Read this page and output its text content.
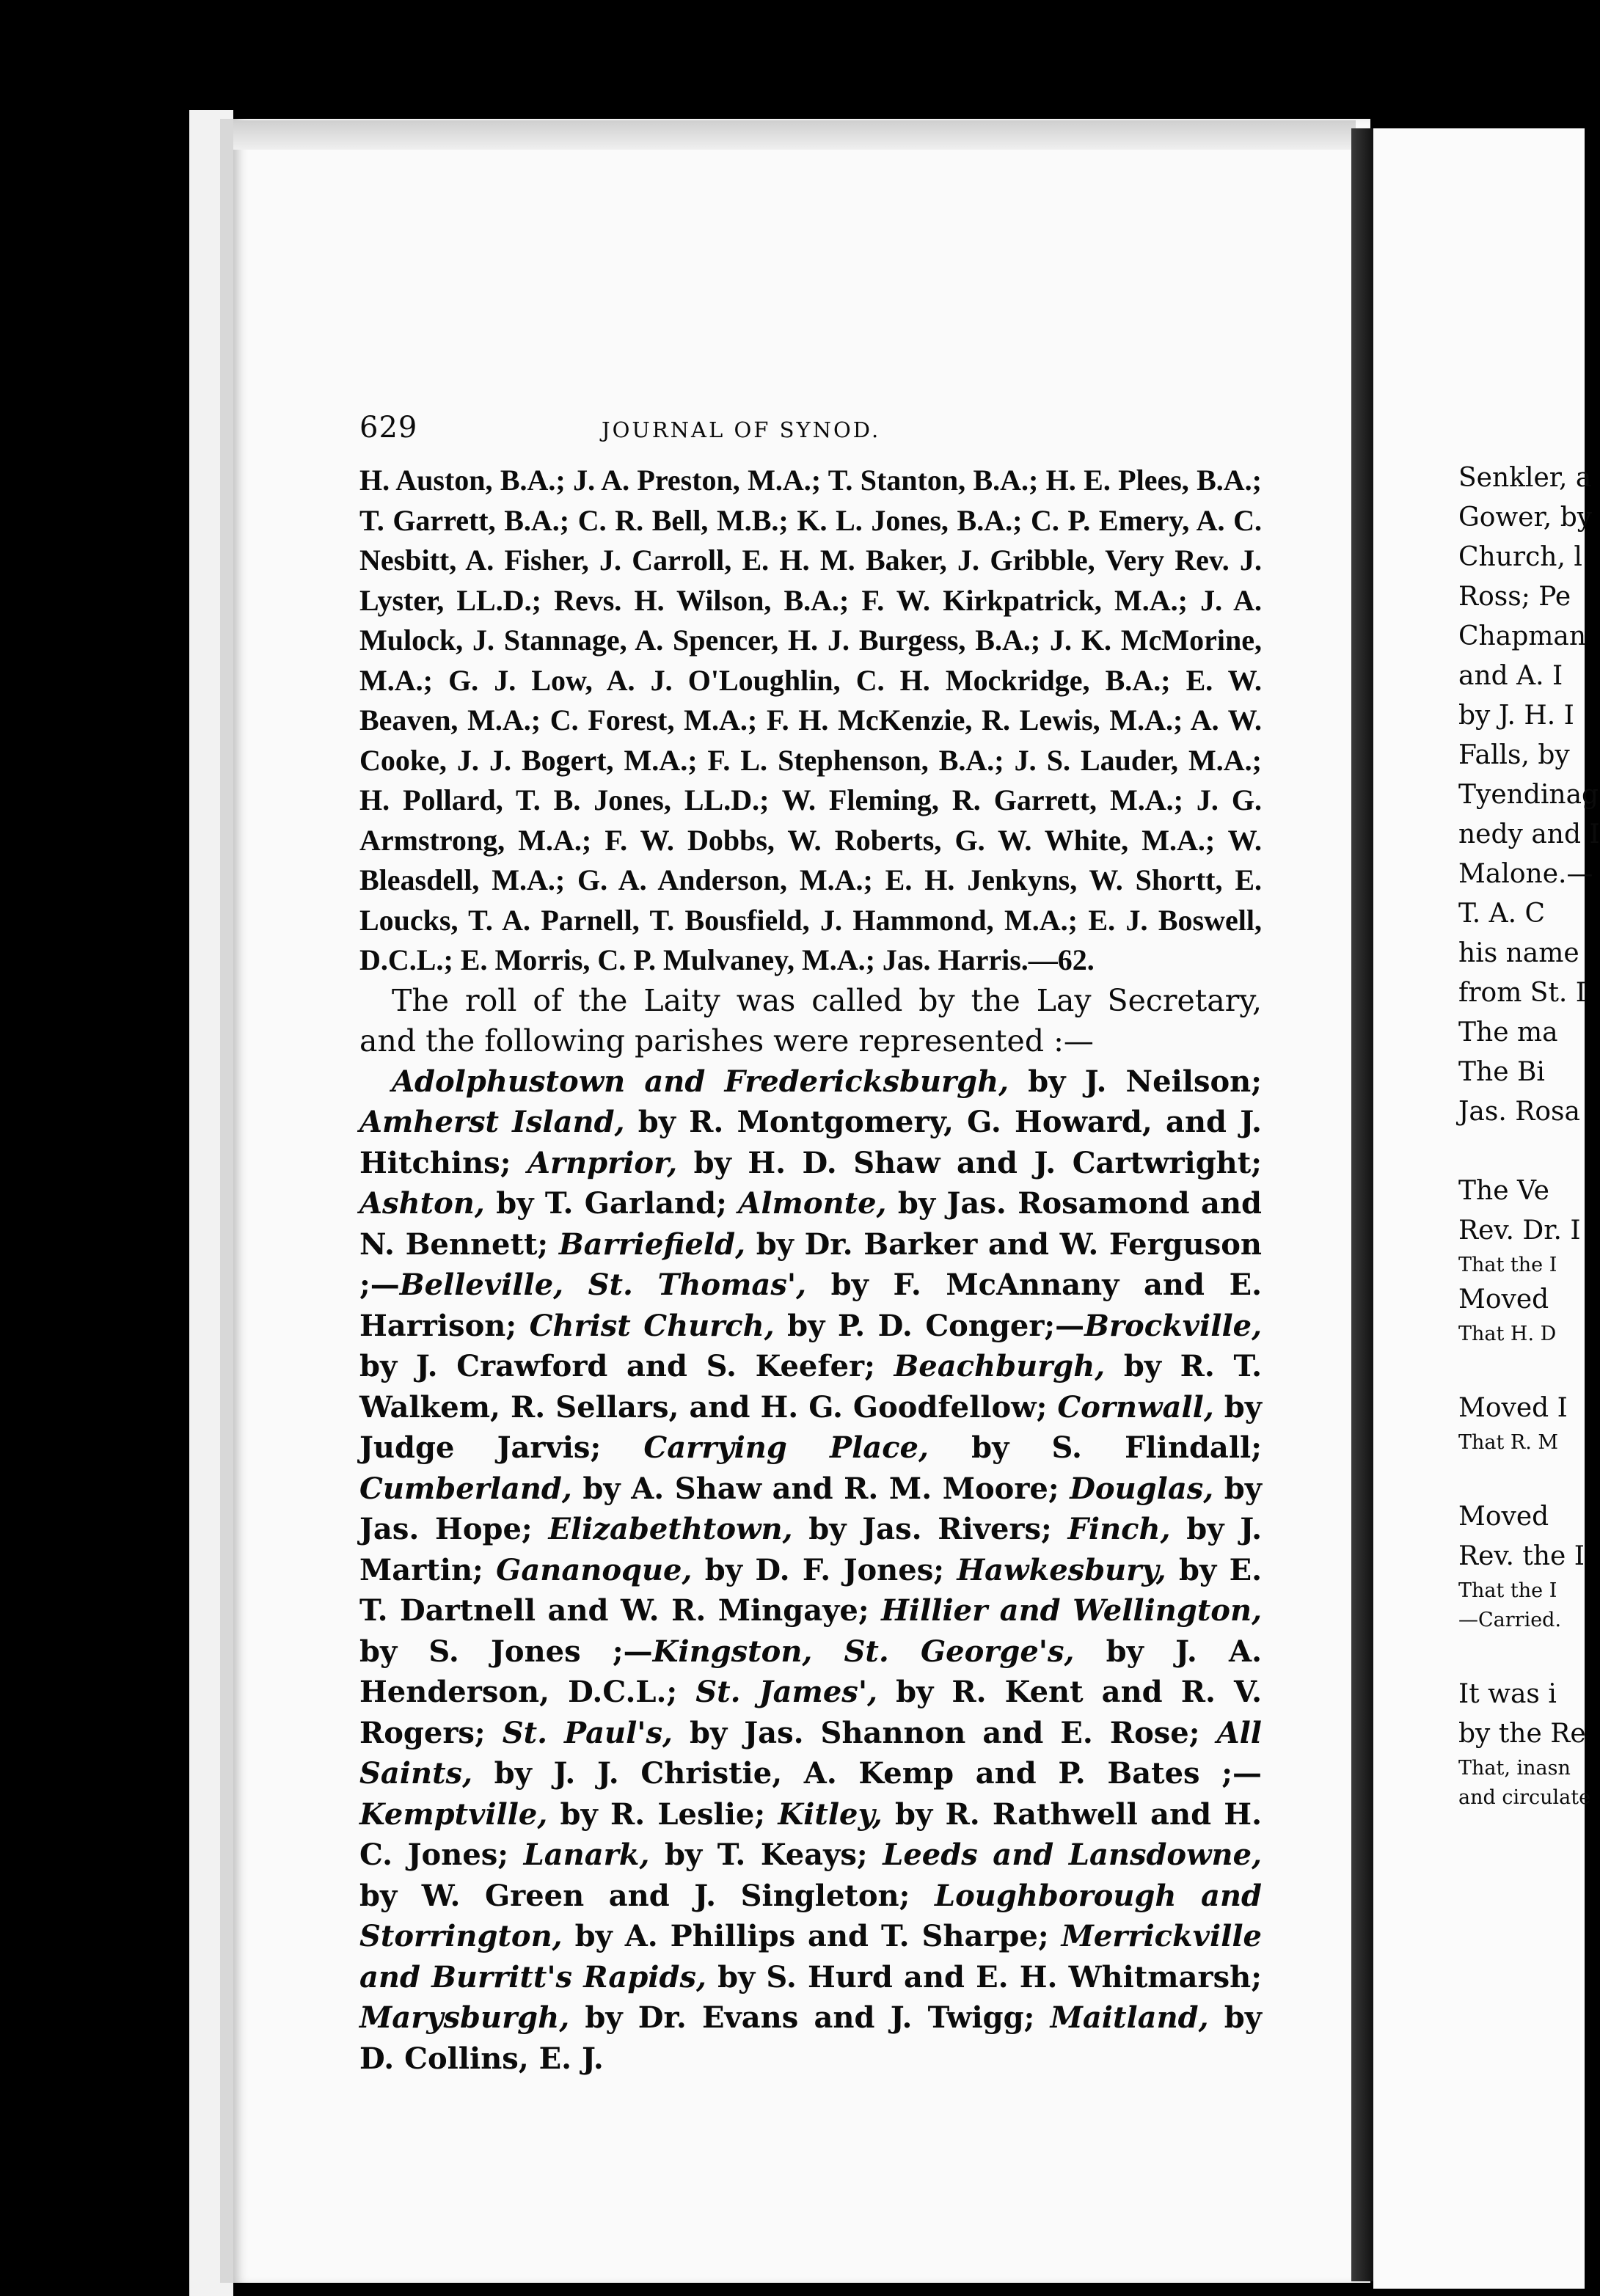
629	JOURNAL OF SYNOD.

H. Auston, B.A.; J. A. Preston, M.A.; T. Stanton, B.A.; H. E. Plees, B.A.; T. Garrett, B.A.; C. R. Bell, M.B.; K. L. Jones, B.A.; C. P. Emery, A. C. Nesbitt, A. Fisher, J. Carroll, E. H. M. Baker, J. Gribble, Very Rev. J. Lyster, LL.D.; Revs. H. Wilson, B.A.; F. W. Kirkpatrick, M.A.; J. A. Mulock, J. Stannage, A. Spencer, H. J. Burgess, B.A.; J. K. McMorine, M.A.; G. J. Low, A. J. O'Loughlin, C. H. Mockridge, B.A.; E. W. Beaven, M.A.; C. Forest, M.A.; F. H. McKenzie, R. Lewis, M.A.; A. W. Cooke, J. J. Bogert, M.A.; F. L. Stephenson, B.A.; J. S. Lauder, M.A.; H. Pollard, T. B. Jones, LL.D.; W. Fleming, R. Garrett, M.A.; J. G. Armstrong, M.A.; F. W. Dobbs, W. Roberts, G. W. White, M.A.; W. Bleasdell, M.A.; G. A. Anderson, M.A.; E. H. Jenkyns, W. Shortt, E. Loucks, T. A. Parnell, T. Bousfield, J. Hammond, M.A.; E. J. Boswell, D.C.L.; E. Morris, C. P. Mulvaney, M.A.; Jas. Harris.—62.

The roll of the Laity was called by the Lay Secretary, and the following parishes were represented :—

Adolphustown and Fredericksburgh, by J. Neilson; Amherst Island, by R. Montgomery, G. Howard, and J. Hitchins; Arnprior, by H. D. Shaw and J. Cartwright; Ashton, by T. Garland; Almonte, by Jas. Rosamond and N. Bennett; Barriefield, by Dr. Barker and W. Ferguson ;—Belleville, St. Thomas', by F. McAnnany and E. Harrison; Christ Church, by P. D. Conger;—Brockville, by J. Crawford and S. Keefer; Beachburgh, by R. T. Walkem, R. Sellars, and H. G. Goodfellow; Cornwall, by Judge Jarvis; Carrying Place, by S. Flindall; Cumberland, by A. Shaw and R. M. Moore; Douglas, by Jas. Hope; Elizabethtown, by Jas. Rivers; Finch, by J. Martin; Gananoque, by D. F. Jones; Hawkesbury, by E. T. Dartnell and W. R. Mingaye; Hillier and Wellington, by S. Jones ;—Kingston, St. George's, by J. A. Henderson, D.C.L.; St. James', by R. Kent and R. V. Rogers; St. Paul's, by Jas. Shannon and E. Rose; All Saints, by J. J. Christie, A. Kemp and P. Bates ;—Kemptville, by R. Leslie; Kitley, by R. Rathwell and H. C. Jones; Lanark, by T. Keays; Leeds and Lansdowne, by W. Green and J. Singleton; Loughborough and Storrington, by A. Phillips and T. Sharpe; Merrickville and Burritt's Rapids, by S. Hurd and E. H. Whitmarsh; Marysburgh, by Dr. Evans and J. Twigg; Maitland, by D. Collins, E. J.

Senkler, a
Gower, by
Church, l
Ross; Pe
Chapman
and A. I
by J. H. I
Falls, by
Tyendinag
nedy and I
Malone.—
T. A. C
his name
from St. I
The ma
The Bi
Jas. Rosa
The Ve
Rev. Dr. I
That the I
Moved
That H. D
Moved I
That R. M
Moved
Rev. the I
That the I
—Carried.
It was i
by the Re
That, inasn
and circulate
